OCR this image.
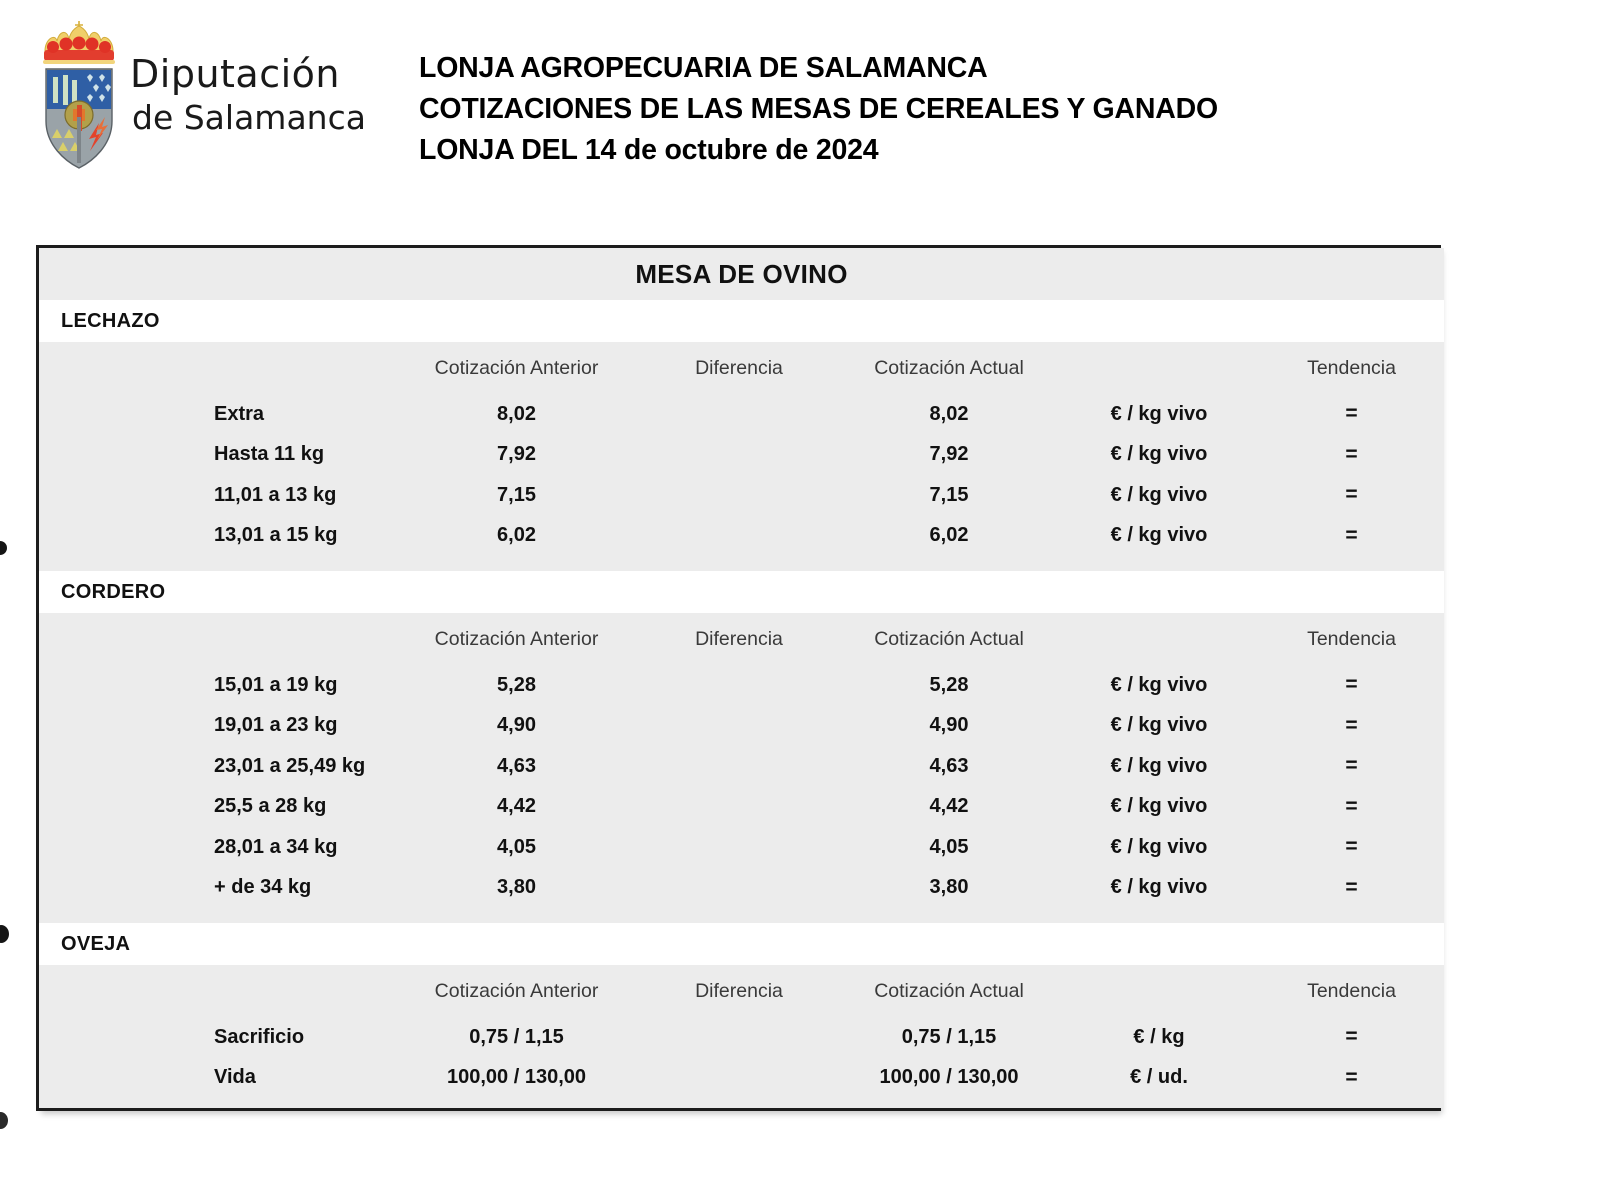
Diputación
de Salamanca
LONJA AGROPECUARIA DE SALAMANCA
COTIZACIONES DE LAS MESAS DE CEREALES Y GANADO
LONJA DEL 14 de octubre de 2024
MESA DE OVINO					
LECHAZO					
	Cotización Anterior	Diferencia	Cotización Actual		Tendencia
Extra	8,02		8,02	€ / kg vivo	=
Hasta 11 kg	7,92		7,92	€ / kg vivo	=
11,01 a 13 kg	7,15		7,15	€ / kg vivo	=
13,01 a 15 kg	6,02		6,02	€ / kg vivo	=

CORDERO					
	Cotización Anterior	Diferencia	Cotización Actual		Tendencia
15,01 a 19 kg	5,28		5,28	€ / kg vivo	=
19,01 a 23 kg	4,90		4,90	€ / kg vivo	=
23,01 a 25,49 kg	4,63		4,63	€ / kg vivo	=
25,5 a 28 kg	4,42		4,42	€ / kg vivo	=
28,01 a 34 kg	4,05		4,05	€ / kg vivo	=
+ de 34 kg	3,80		3,80	€ / kg vivo	=

OVEJA					
	Cotización Anterior	Diferencia	Cotización Actual		Tendencia
Sacrificio	0,75 / 1,15		0,75 / 1,15	€ / kg	=
Vida	100,00 / 130,00		100,00 / 130,00	€ / ud.	=
